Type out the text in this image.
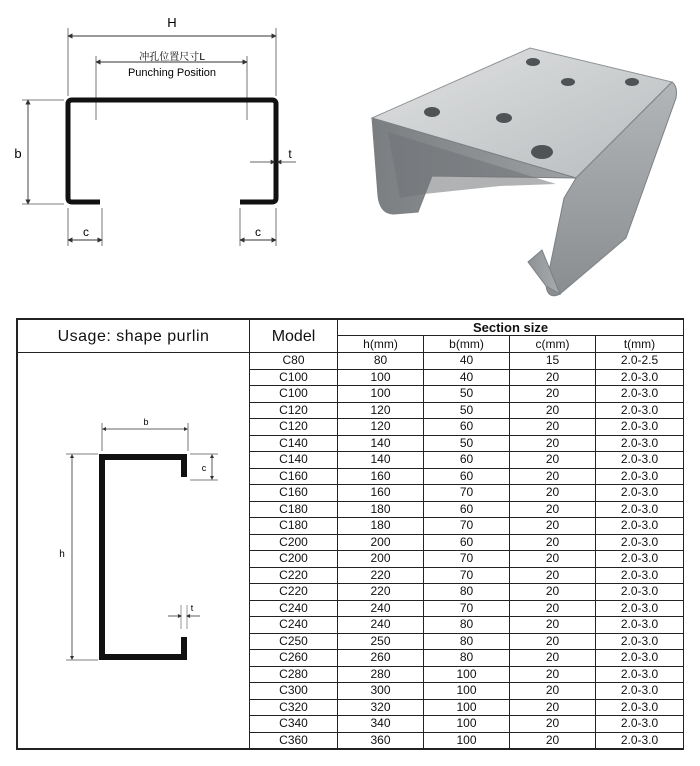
H
冲孔位置尺寸L
Punching Position
b	t
c	c
Usage: shape purlin	Model	Section size			
		h(mm)	b(mm)	c(mm)	t(mm)

b
c
h
t	C80	80	40	15	2.0-2.5
	C100	100	40	20	2.0-3.0
	C100	100	50	20	2.0-3.0
	C120	120	50	20	2.0-3.0
	C120	120	60	20	2.0-3.0
	C140	140	50	20	2.0-3.0
	C140	140	60	20	2.0-3.0
	C160	160	60	20	2.0-3.0
	C160	160	70	20	2.0-3.0
	C180	180	60	20	2.0-3.0
	C180	180	70	20	2.0-3.0
	C200	200	60	20	2.0-3.0
	C200	200	70	20	2.0-3.0
	C220	220	70	20	2.0-3.0
	C220	220	80	20	2.0-3.0
	C240	240	70	20	2.0-3.0
	C240	240	80	20	2.0-3.0
	C250	250	80	20	2.0-3.0
	C260	260	80	20	2.0-3.0
	C280	280	100	20	2.0-3.0
	C300	300	100	20	2.0-3.0
	C320	320	100	20	2.0-3.0
	C340	340	100	20	2.0-3.0
	C360	360	100	20	2.0-3.0
